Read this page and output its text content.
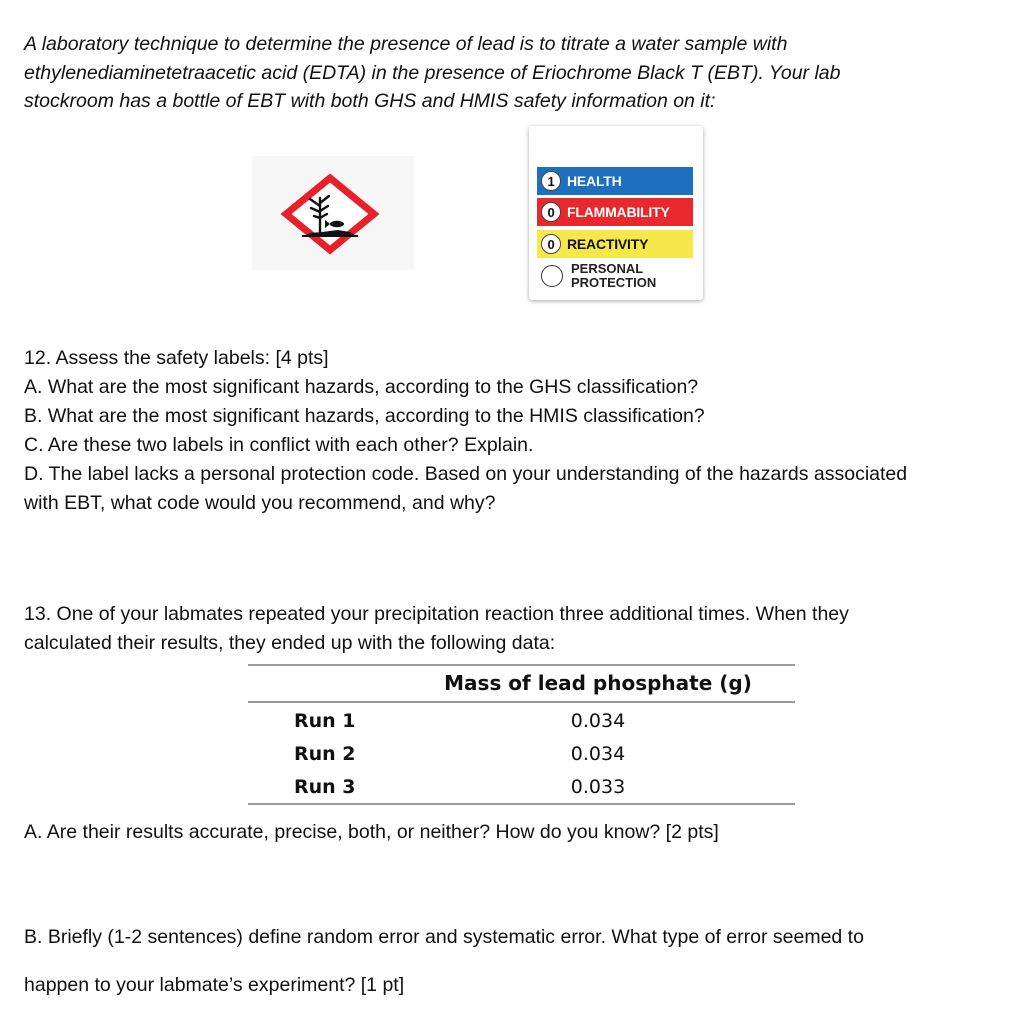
A laboratory technique to determine the presence of lead is to titrate a water sample with

ethylenediaminetetraacetic acid (EDTA) in the presence of Eriochrome Black T (EBT). Your lab

stockroom has a bottle of EBT with both GHS and HMIS safety information on it:

1 HEALTH
0 FLAMMABILITY
0 REACTIVITY
PERSONAL
PROTECTION

12. Assess the safety labels: [4 pts]

A. What are the most significant hazards, according to the GHS classification?

B. What are the most significant hazards, according to the HMIS classification?

C. Are these two labels in conflict with each other? Explain.

D. The label lacks a personal protection code. Based on your understanding of the hazards associated

with EBT, what code would you recommend, and why?

13. One of your labmates repeated your precipitation reaction three additional times. When they

calculated their results, they ended up with the following data:

Mass of lead phosphate (g)
Run 1	0.034
Run 2	0.034
Run 3	0.033

A. Are their results accurate, precise, both, or neither? How do you know? [2 pts]

B. Briefly (1-2 sentences) define random error and systematic error. What type of error seemed to

happen to your labmate’s experiment? [1 pt]
